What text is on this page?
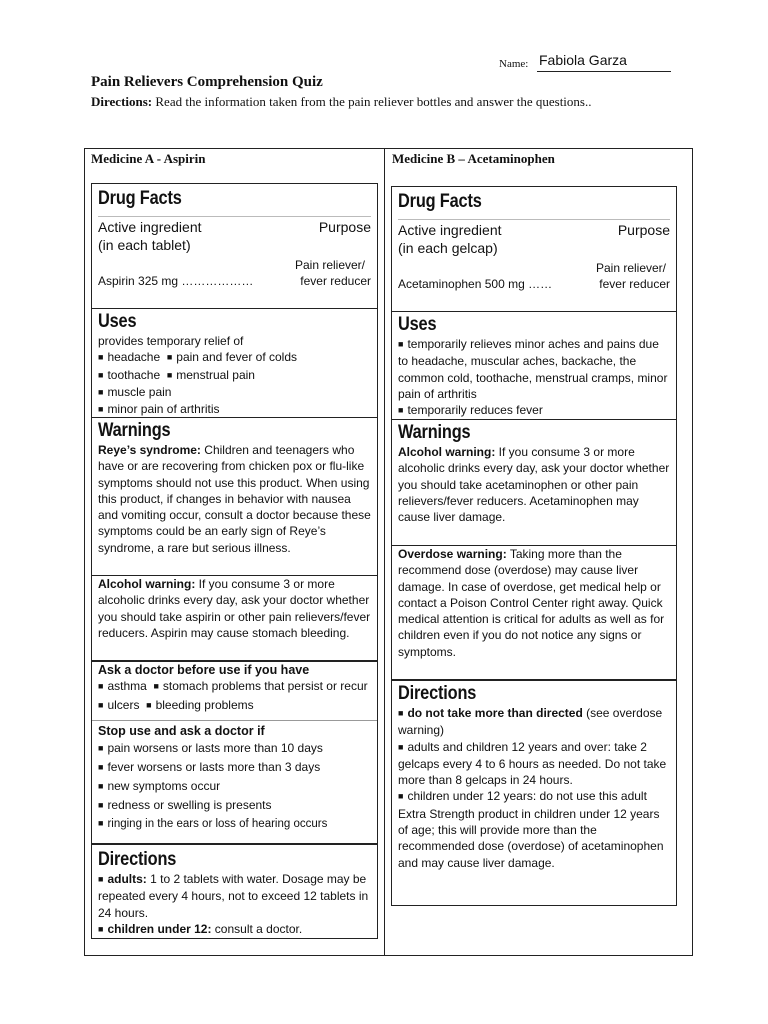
Name: Fabiola Garza
Pain Relievers Comprehension Quiz
Directions: Read the information taken from the pain reliever bottles and answer the questions..
Medicine A - Aspirin	Medicine B – Acetaminophen
Drug Facts
Active ingredient	Purpose
(in each tablet)
Pain reliever/
Aspirin 325 mg ………………	fever reducer
Uses
provides temporary relief of
■ headache ■ pain and fever of colds
■ toothache ■ menstrual pain
■ muscle pain
■ minor pain of arthritis
Warnings

Reye’s syndrome: Children and teenagers who have or are recovering from chicken pox or flu-like symptoms should not use this product. When using this product, if changes in behavior with nausea and vomiting occur, consult a doctor because these symptoms could be an early sign of Reye’s syndrome, a rare but serious illness.

Alcohol warning: If you consume 3 or more alcoholic drinks every day, ask your doctor whether you should take aspirin or other pain relievers/fever reducers. Aspirin may cause stomach bleeding.

Ask a doctor before use if you have
■ asthma ■ stomach problems that persist or recur
■ ulcers ■ bleeding problems
Stop use and ask a doctor if
■ pain worsens or lasts more than 10 days
■ fever worsens or lasts more than 3 days
■ new symptoms occur
■ redness or swelling is presents
■ ringing in the ears or loss of hearing occurs
Directions

■ adults: 1 to 2 tablets with water. Dosage may be repeated every 4 hours, not to exceed 12 tablets in 24 hours.

■ children under 12: consult a doctor.

Drug Facts
Active ingredient	Purpose
(in each gelcap)
Pain reliever/
Acetaminophen 500 mg ……	fever reducer
Uses

■ temporarily relieves minor aches and pains due to headache, muscular aches, backache, the common cold, toothache, menstrual cramps, minor pain of arthritis

■ temporarily reduces fever

Warnings

Alcohol warning: If you consume 3 or more alcoholic drinks every day, ask your doctor whether you should take acetaminophen or other pain relievers/fever reducers. Acetaminophen may cause liver damage.

Overdose warning: Taking more than the recommend dose (overdose) may cause liver damage. In case of overdose, get medical help or contact a Poison Control Center right away. Quick medical attention is critical for adults as well as for children even if you do not notice any signs or symptoms.

Directions

■ do not take more than directed (see overdose warning)

■ adults and children 12 years and over: take 2 gelcaps every 4 to 6 hours as needed. Do not take more than 8 gelcaps in 24 hours.

■ children under 12 years: do not use this adult Extra Strength product in children under 12 years of age; this will provide more than the recommended dose (overdose) of acetaminophen and may cause liver damage.
